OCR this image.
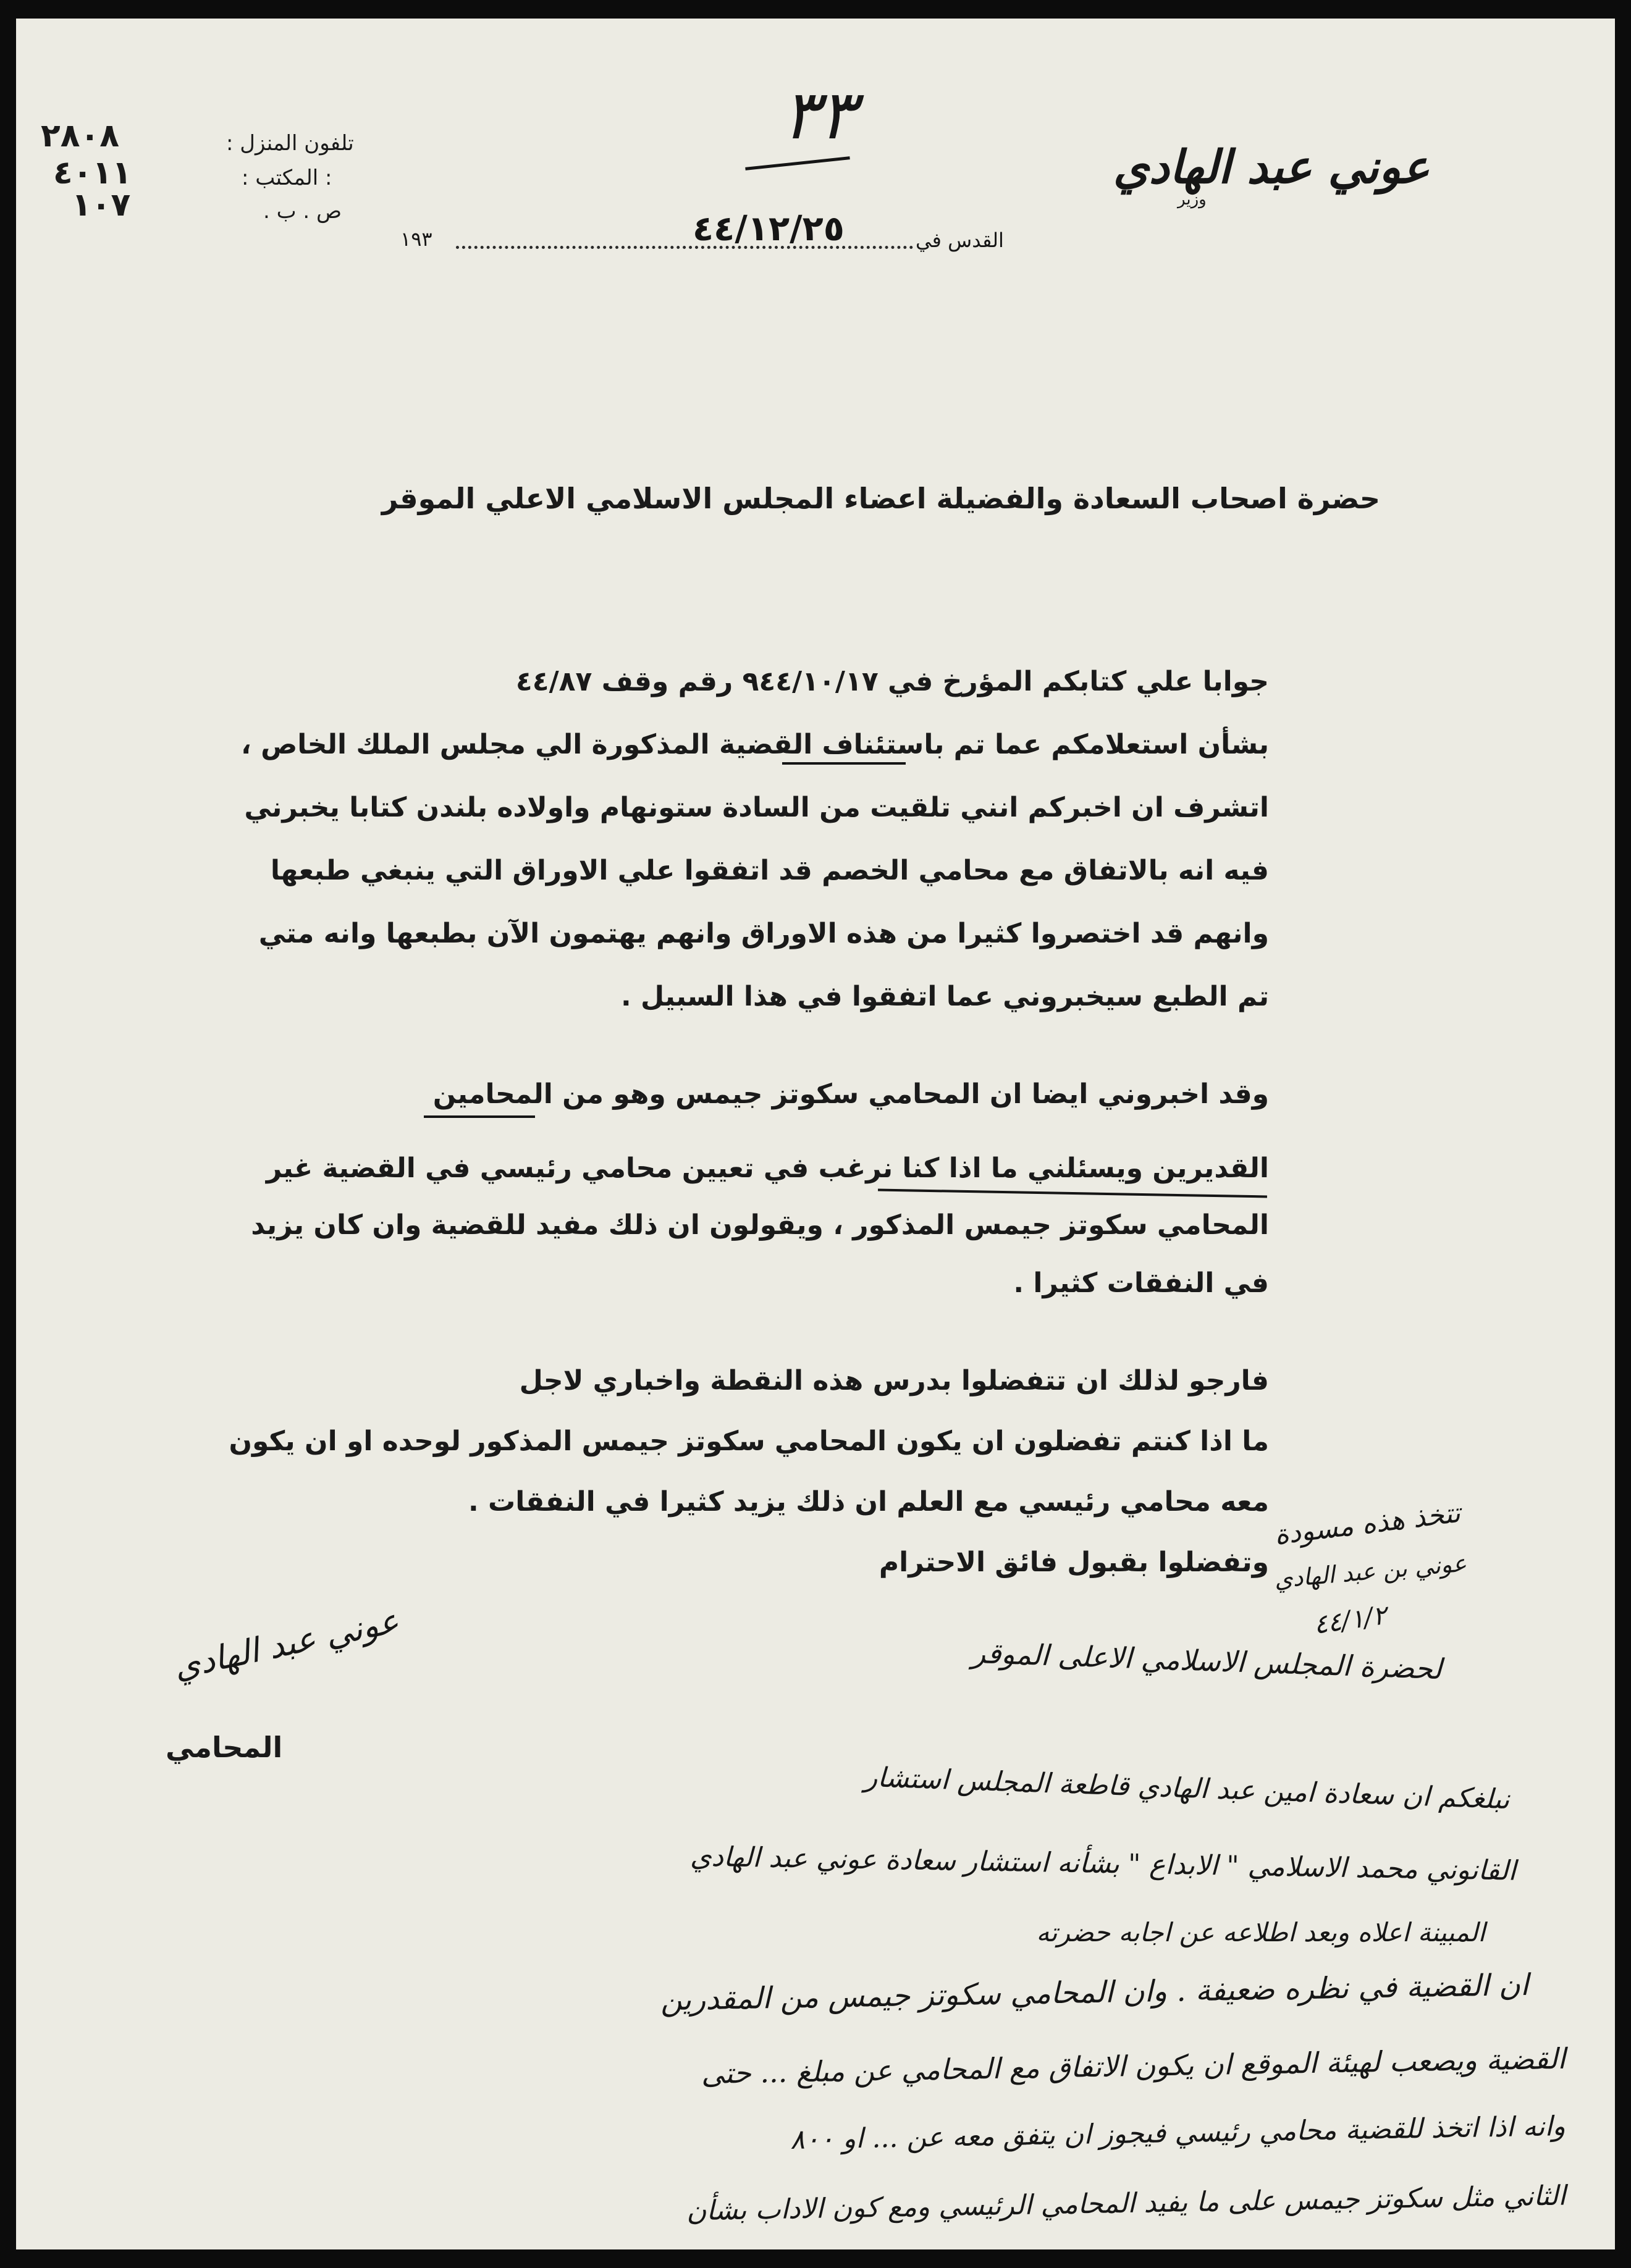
عوني عبد الهادي
وزير
تلفون المنزل :
٢٨٠٨
: المكتب :
٤٠١١
ص . ب .
١٠٧
٣٣
القدس في
٤٤/١٢/٢٥
١٩٣
حضرة اصحاب السعادة والفضيلة اعضاء المجلس الاسلامي الاعلي الموقر
جوابا علي كتابكم المؤرخ في ٩٤٤/١٠/١٧ رقم وقف ٤٤/٨٧
بشأن استعلامكم عما تم باستئناف القضية المذكورة الي مجلس الملك الخاص ،
اتشرف ان اخبركم انني تلقيت من السادة ستونهام واولاده بلندن كتابا يخبرني
فيه انه بالاتفاق مع محامي الخصم قد اتفقوا علي الاوراق التي ينبغي طبعها
وانهم قد اختصروا كثيرا من هذه الاوراق وانهم يهتمون الآن بطبعها وانه متي
تم الطبع سيخبروني عما اتفقوا في هذا السبيل .
وقد اخبروني ايضا ان المحامي سكوتز جيمس وهو من المحامين
القديرين ويسئلني ما اذا كنا نرغب في تعيين محامي رئيسي في القضية غير
المحامي سكوتز جيمس المذكور ، ويقولون ان ذلك مفيد للقضية وان كان يزيد
في النفقات كثيرا .
فارجو لذلك ان تتفضلوا بدرس هذه النقطة واخباري لاجل
ما اذا كنتم تفضلون ان يكون المحامي سكوتز جيمس المذكور لوحده او ان يكون
معه محامي رئيسي مع العلم ان ذلك يزيد كثيرا في النفقات .
وتفضلوا بقبول فائق الاحترام
عوني عبد الهادي
المحامي
تتخذ هذه مسودة
عوني بن عبد الهادي
٤٤/١/٢
لحضرة المجلس الاسلامي الاعلى الموقر
نبلغكم ان سعادة امين عبد الهادي قاطعة المجلس استشار
القانوني محمد الاسلامي " الابداع " بشأنه استشار سعادة عوني عبد الهادي
المبينة اعلاه وبعد اطلاعه عن اجابه حضرته
ان القضية في نظره ضعيفة . وان المحامي سكوتز جيمس من المقدرين
القضية ويصعب لهيئة الموقع ان يكون الاتفاق مع المحامي عن مبلغ ... حتى
وانه اذا اتخذ للقضية محامي رئيسي فيجوز ان يتفق معه عن ... او ٨٠٠
الثاني مثل سكوتز جيمس على ما يفيد المحامي الرئيسي ومع كون الاداب بشأن
